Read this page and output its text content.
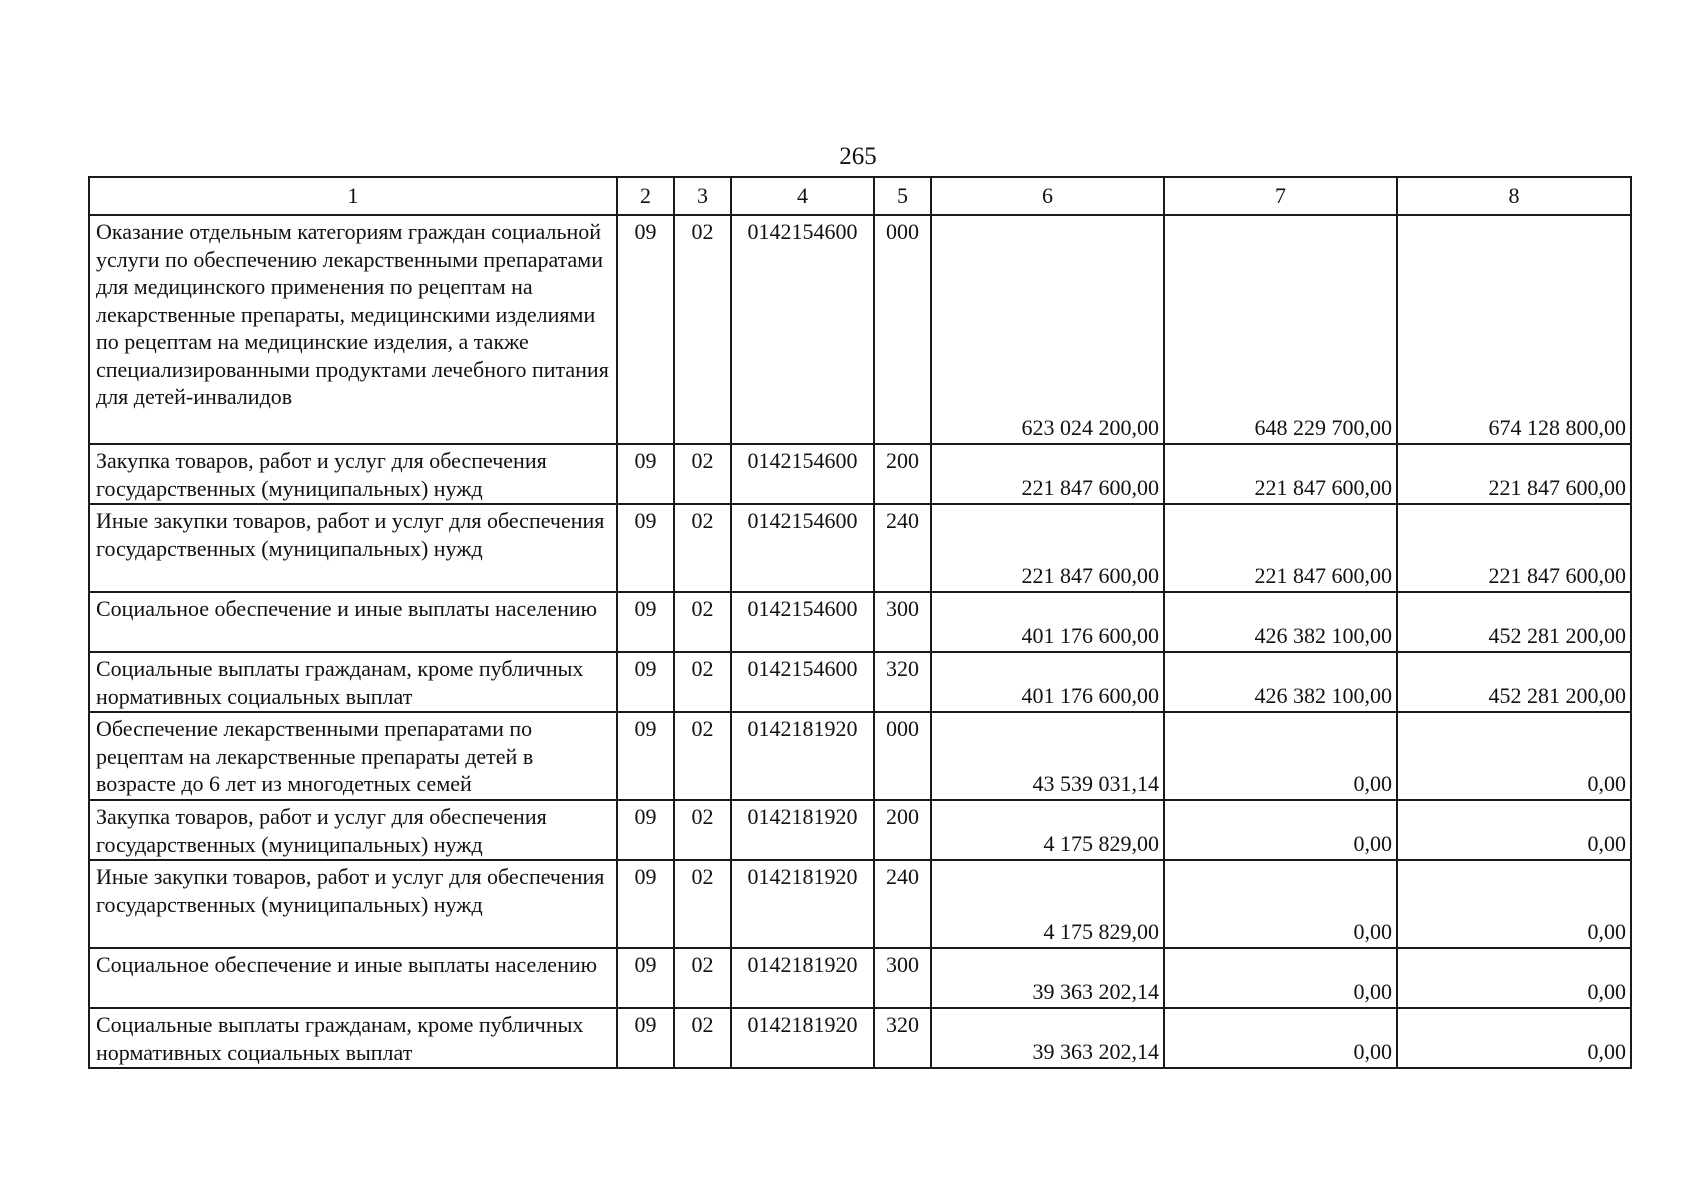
265
1	2	3	4	5	6	7	8
Оказание отдельным категориям граждан социальной услуги по обеспечению лекарственными препаратами для медицинского применения по рецептам на лекарственные препараты, медицинскими изделиями по рецептам на медицинские изделия, а также специализированными продуктами лечебного питания для детей-инвалидов	09	02	0142154600	000	623 024 200,00	648 229 700,00	674 128 800,00
Закупка товаров, работ и услуг для обеспечения государственных (муниципальных) нужд	09	02	0142154600	200	221 847 600,00	221 847 600,00	221 847 600,00
Иные закупки товаров, работ и услуг для обеспечения государственных (муниципальных) нужд	09	02	0142154600	240	221 847 600,00	221 847 600,00	221 847 600,00
Социальное обеспечение и иные выплаты населению	09	02	0142154600	300	401 176 600,00	426 382 100,00	452 281 200,00
Социальные выплаты гражданам, кроме публичных нормативных социальных выплат	09	02	0142154600	320	401 176 600,00	426 382 100,00	452 281 200,00
Обеспечение лекарственными препаратами по рецептам на лекарственные препараты детей в возрасте до 6 лет из многодетных семей	09	02	0142181920	000	43 539 031,14	0,00	0,00
Закупка товаров, работ и услуг для обеспечения государственных (муниципальных) нужд	09	02	0142181920	200	4 175 829,00	0,00	0,00
Иные закупки товаров, работ и услуг для обеспечения государственных (муниципальных) нужд	09	02	0142181920	240	4 175 829,00	0,00	0,00
Социальное обеспечение и иные выплаты населению	09	02	0142181920	300	39 363 202,14	0,00	0,00
Социальные выплаты гражданам, кроме публичных нормативных социальных выплат	09	02	0142181920	320	39 363 202,14	0,00	0,00
